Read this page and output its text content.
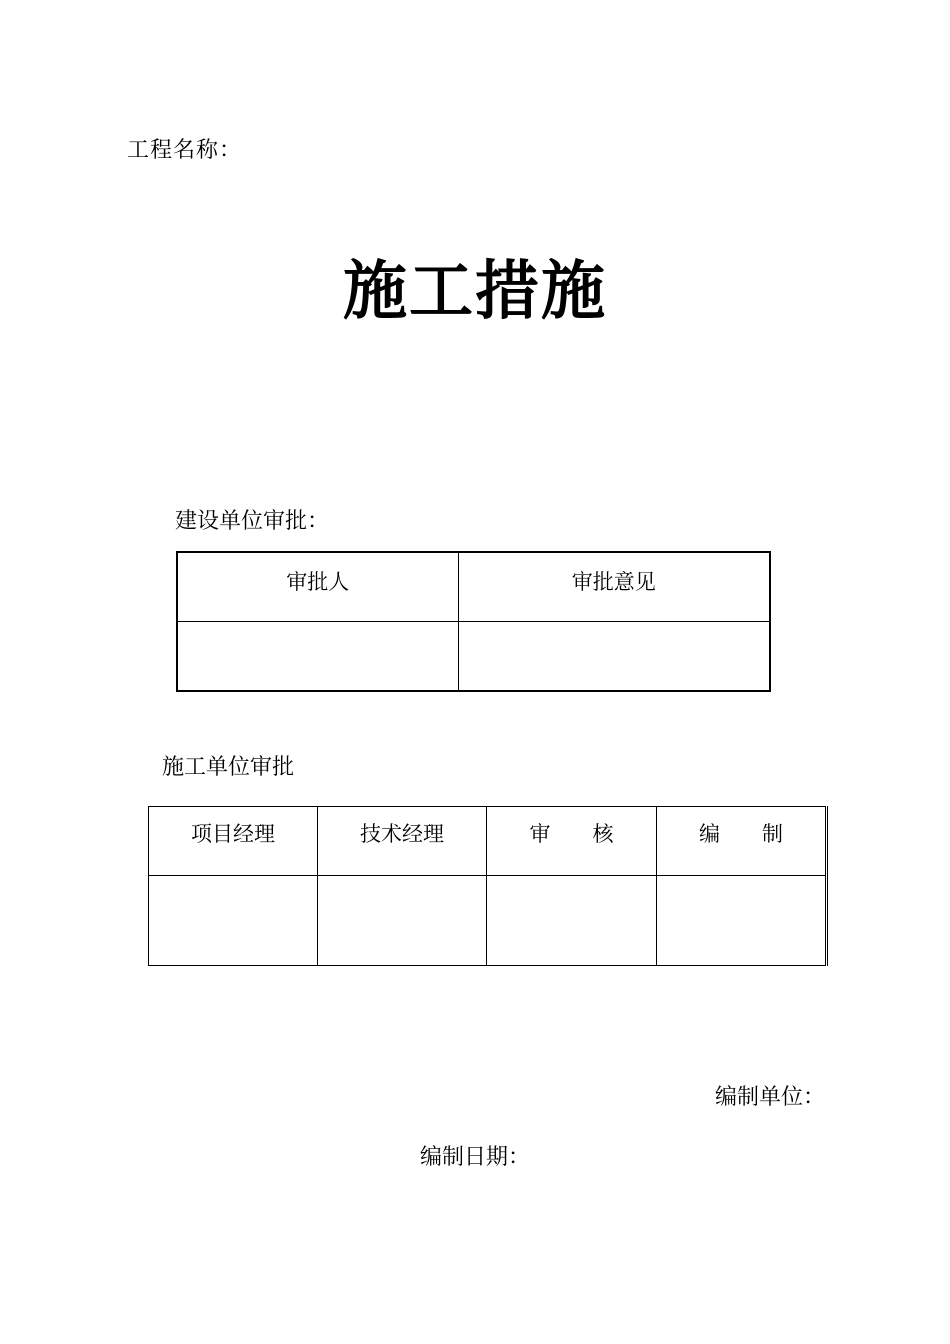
工程名称：
施工措施
建设单位审批：
审批人	审批意见

施工单位审批
项目经理	技术经理	审　　核	编　　制

编制单位：
编制日期：
